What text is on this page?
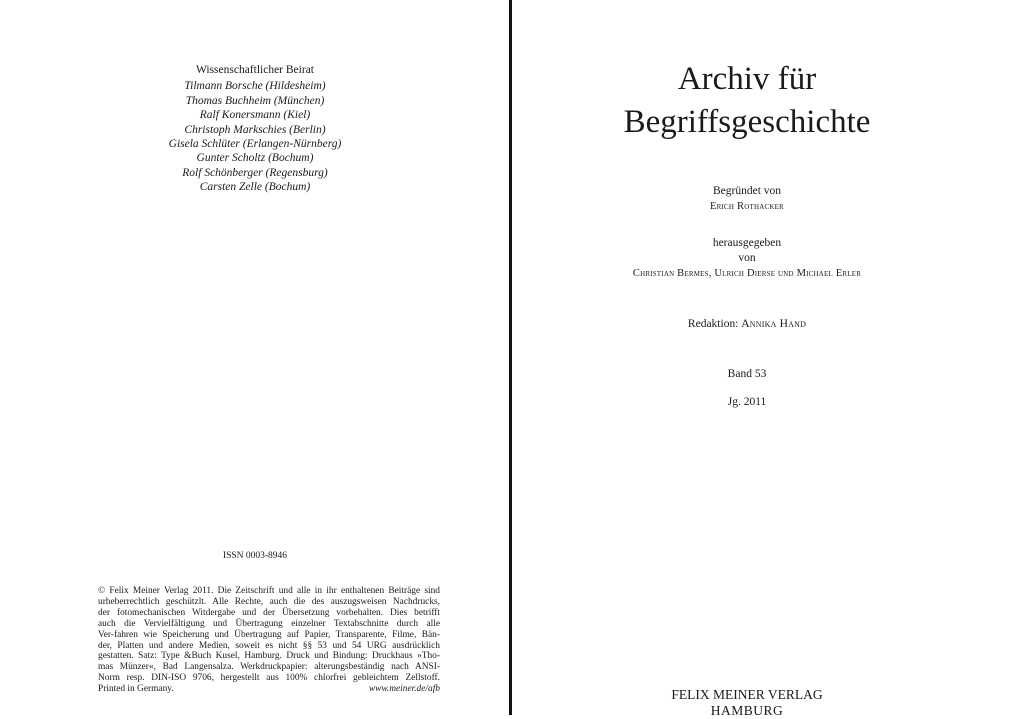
Wissenschaftlicher Beirat
Tilmann Borsche (Hildesheim)
Thomas Buchheim (München)
Ralf Konersmann (Kiel)
Christoph Markschies (Berlin)
Gisela Schlüter (Erlangen-Nürnberg)
Gunter Scholtz (Bochum)
Rolf Schönberger (Regensburg)
Carsten Zelle (Bochum)
ISSN 0003-8946
© Felix Meiner Verlag 2011. Die Zeitschrift und alle in ihr enthaltenen Beiträge sind
urheberrechtlich geschützlt. Alle Rechte, auch die des auszugsweisen Nachdrucks,
der fotomechanischen Witdergabe und der Übersetzung vorbehalten. Dies betrifft
auch die Vervielfältigung und Übertragung einzelner Textabschnitte durch alle
Ver-fahren wie Speicherung und Übertragung auf Papier, Transparente, Filme, Bän-
der, Platten und andere Medien, soweit es nicht §§ 53 und 54 URG ausdrücklich
gestatten. Satz: Type &Buch Kusel, Hamburg. Druck und Bindung: Druckhaus »Tho-
mas Münzer«, Bad Langensalza. Werkdruckpapier: alterungsbeständig nach ANSI-
Norm resp. DIN-ISO 9706, hergestellt aus 100% chlorfrei gebleichtem Zellstoff.
Printed in Germany.	www.meiner.de/afb
Archiv für
Begriffsgeschichte
Begründet von
Erich Rothacker
herausgegeben
von
Christian Bermes, Ulrich Dierse und Michael Erler
Redaktion: Annika Hand
Band 53
Jg. 2011
FELIX MEINER VERLAG
HAMBURG
